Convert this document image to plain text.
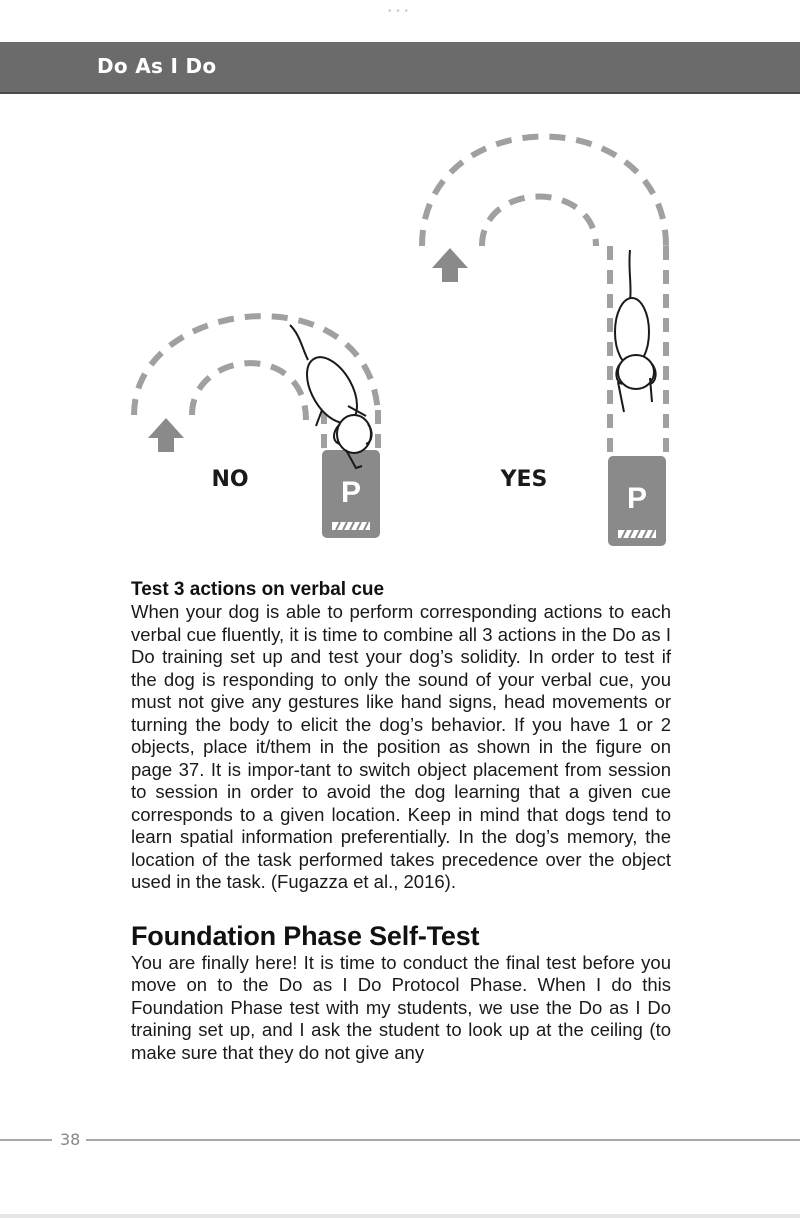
• • •
Do As I Do
P
NO
P
YES
Test 3 actions on verbal cue

When your dog is able to perform corresponding actions to each verbal cue fluently, it is time to combine all 3 actions in the Do as I Do training set up and test your dog’s solidity. In order to test if the dog is responding to only the sound of your verbal cue, you must not give any gestures like hand signs, head movements or turning the body to elicit the dog’s behavior. If you have 1 or 2 objects, place it/them in the position as shown in the figure on page 37. It is impor-tant to switch object placement from session to session in order to avoid the dog learning that a given cue corresponds to a given location. Keep in mind that dogs tend to learn spatial information preferentially. In the dog’s memory, the location of the task performed takes precedence over the object used in the task. (Fugazza et al., 2016).

Foundation Phase Self-Test

You are finally here! It is time to conduct the final test before you move on to the Do as I Do Protocol Phase. When I do this Foundation Phase test with my students, we use the Do as I Do training set up, and I ask the student to look up at the ceiling (to make sure that they do not give any

38
